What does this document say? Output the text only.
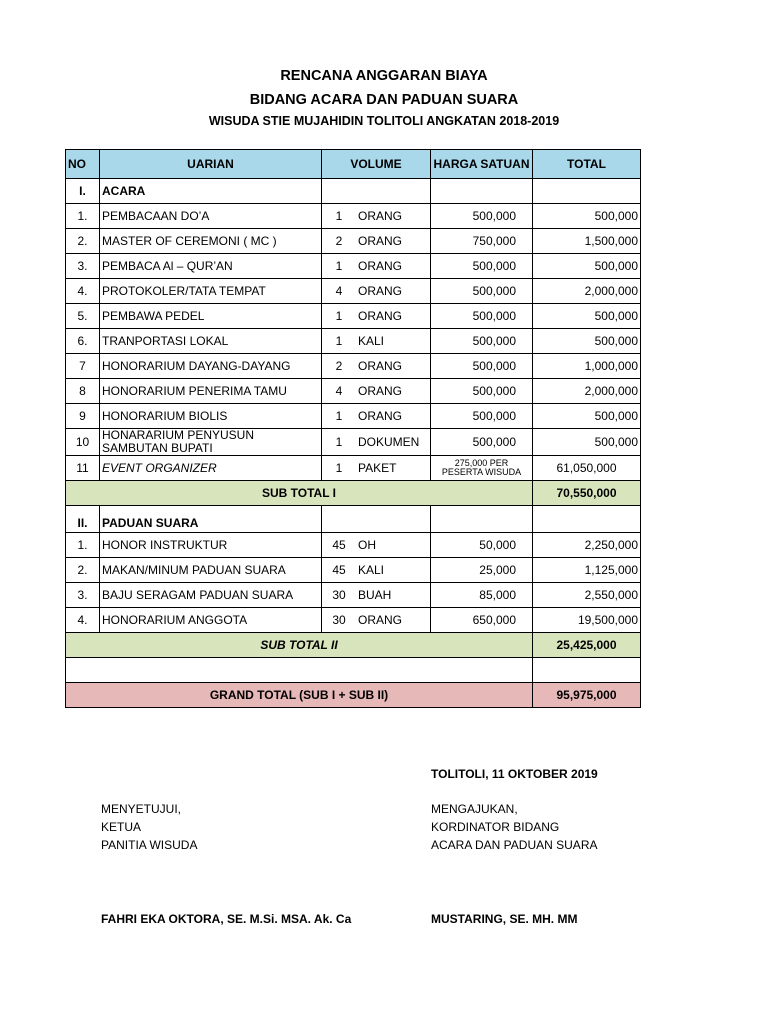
RENCANA ANGGARAN BIAYA
BIDANG ACARA DAN PADUAN SUARA
WISUDA STIE MUJAHIDIN TOLITOLI ANGKATAN 2018-2019
NO	UARIAN	VOLUME	HARGA SATUAN	TOTAL
I.	ACARA			
1.	PEMBACAAN DO’A	1 ORANG	500,000	500,000
2.	MASTER OF CEREMONI ( MC )	2 ORANG	750,000	1,500,000
3.	PEMBACA Al – QUR’AN	1 ORANG	500,000	500,000
4.	PROTOKOLER/TATA TEMPAT	4 ORANG	500,000	2,000,000
5.	PEMBAWA PEDEL	1 ORANG	500,000	500,000
6.	TRANPORTASI LOKAL	1 KALI	500,000	500,000
7	HONORARIUM DAYANG-DAYANG	2 ORANG	500,000	1,000,000
8	HONORARIUM PENERIMA TAMU	4 ORANG	500,000	2,000,000
9	HONORARIUM BIOLIS	1 ORANG	500,000	500,000
10	HONARARIUM PENYUSUN SAMBUTAN BUPATI	1 DOKUMEN	500,000	500,000
11	EVENT ORGANIZER	1 PAKET	275,000 PER PESERTA WISUDA	61,050,000
SUB TOTAL I				70,550,000
II.	PADUAN SUARA			
1.	HONOR INSTRUKTUR	45 OH	50,000	2,250,000
2.	MAKAN/MINUM PADUAN SUARA	45 KALI	25,000	1,125,000
3.	BAJU SERAGAM PADUAN SUARA	30 BUAH	85,000	2,550,000
4.	HONORARIUM ANGGOTA	30 ORANG	650,000	19,500,000
SUB TOTAL II				25,425,000

GRAND TOTAL (SUB I + SUB II)				95,975,000
TOLITOLI, 11 OKTOBER 2019
MENYETUJUI,
KETUA
PANITIA WISUDA
MENGAJUKAN,
KORDINATOR BIDANG
ACARA DAN PADUAN SUARA
FAHRI EKA OKTORA, SE. M.Si. MSA. Ak. Ca	MUSTARING, SE. MH. MM
